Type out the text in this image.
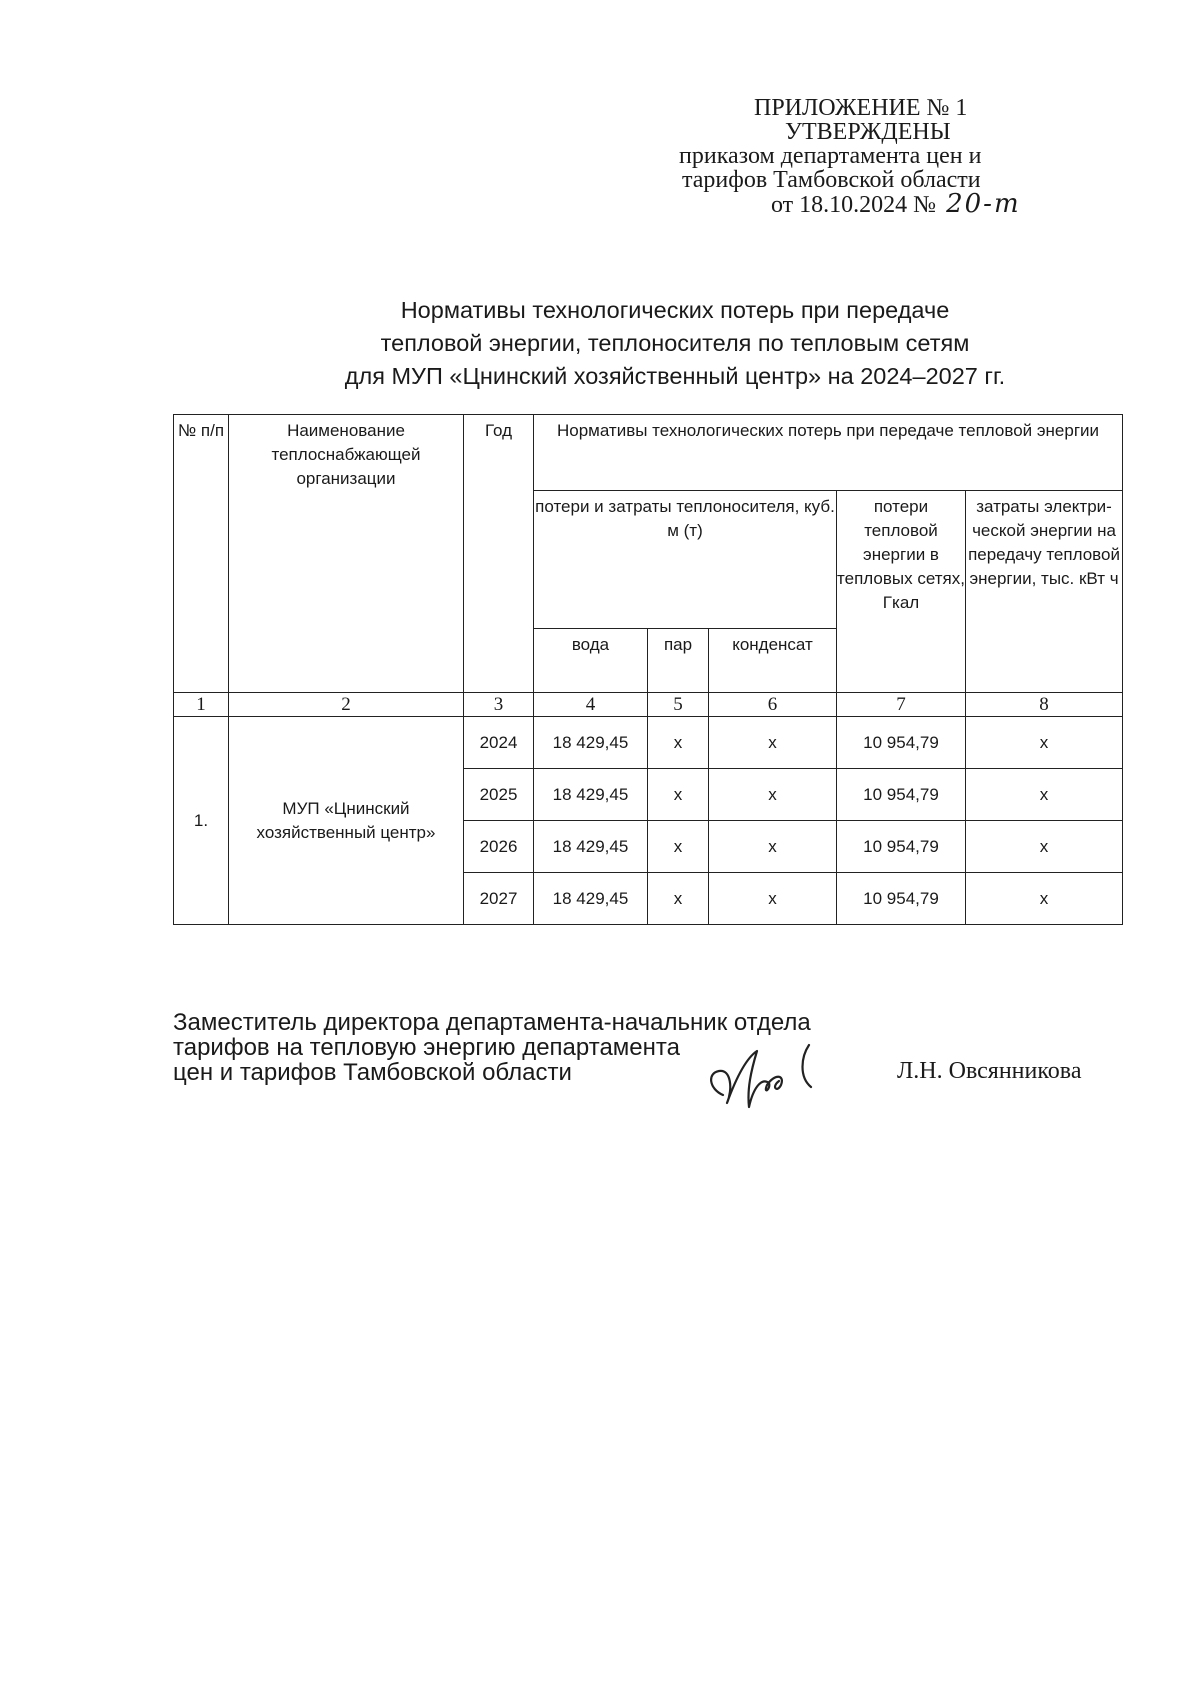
ПРИЛОЖЕНИЕ № 1
УТВЕРЖДЕНЫ
приказом департамента цен и
тарифов Тамбовской области
от 18.10.2024 № 20-т
Нормативы технологических потерь при передаче
тепловой энергии, теплоносителя по тепловым сетям
для МУП «Цнинский хозяйственный центр» на 2024–2027 гг.
№ п/п	Наименование теплоснабжающей организации	Год	Нормативы технологических потерь при передаче тепловой энергии				
			потери и затраты теплоносителя, куб. м (т)			потери тепловой энергии в тепловых сетях, Гкал	затраты электри-ческой энергии на передачу тепловой энергии, тыс. кВт ч
			вода	пар	конденсат		
1	2	3	4	5	6	7	8
1.	МУП «Цнинский хозяйственный центр»	2024	18 429,45	х	х	10 954,79	х
		2025	18 429,45	х	х	10 954,79	х
		2026	18 429,45	х	х	10 954,79	х
		2027	18 429,45	х	х	10 954,79	х
Заместитель директора департамента-начальник отдела
тарифов на тепловую энергию департамента
цен и тарифов Тамбовской области	Л.Н. Овсянникова
